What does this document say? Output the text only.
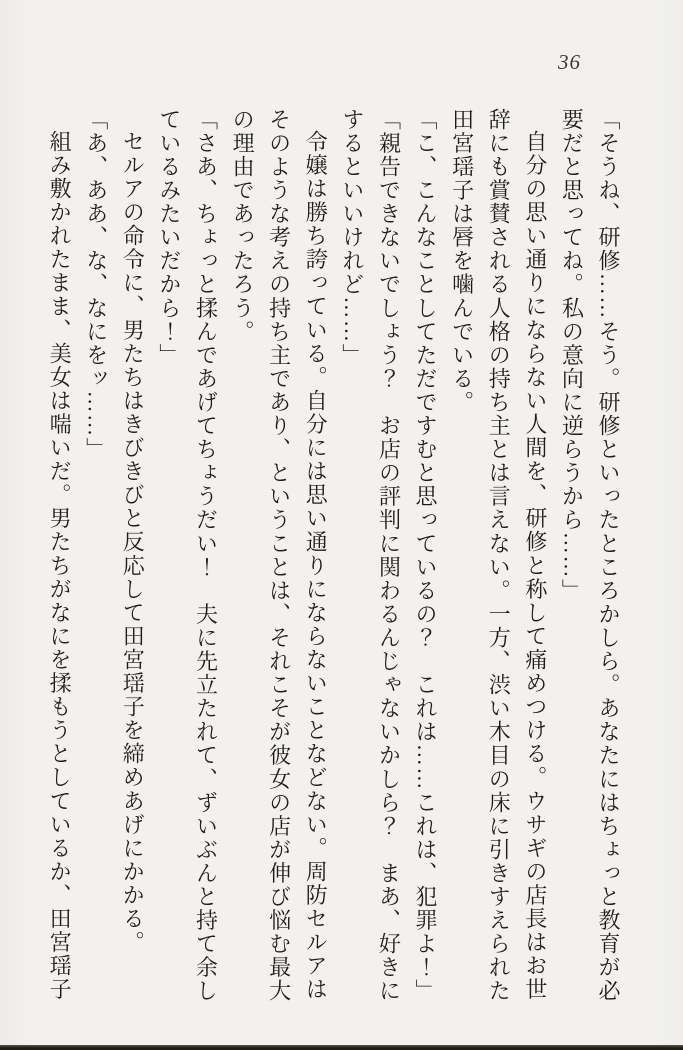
36

「そうね、研修……そう。研修といったところかしら。あなたにはちょっと教育が必要だと思ってね。私の意向に逆らうから……」

自分の思い通りにならない人間を、研修と称して痛めつける。ウサギの店長はお世辞にも賞賛される人格の持ち主とは言えない。一方、渋い木目の床に引きすえられた田宮瑶子は唇を噛んでいる。

「こ、こんなことしてただですむと思っているの？　これは……これは、犯罪よ！」

「親告できないでしょう？　お店の評判に関わるんじゃないかしら？　まあ、好きにするといいけれど……」

令嬢は勝ち誇っている。自分には思い通りにならないことなどない。周防セルアはそのような考えの持ち主であり、ということは、それこそが彼女の店が伸び悩む最大の理由であったろう。

「さあ、ちょっと揉んであげてちょうだい！　夫に先立たれて、ずいぶんと持て余しているみたいだから！」

セルアの命令に、男たちはきびきびと反応して田宮瑶子を締めあげにかかる。

「あ、ああ、な、なにをッ……」

組み敷かれたまま、美女は喘いだ。男たちがなにを揉もうとしているか、田宮瑶子
